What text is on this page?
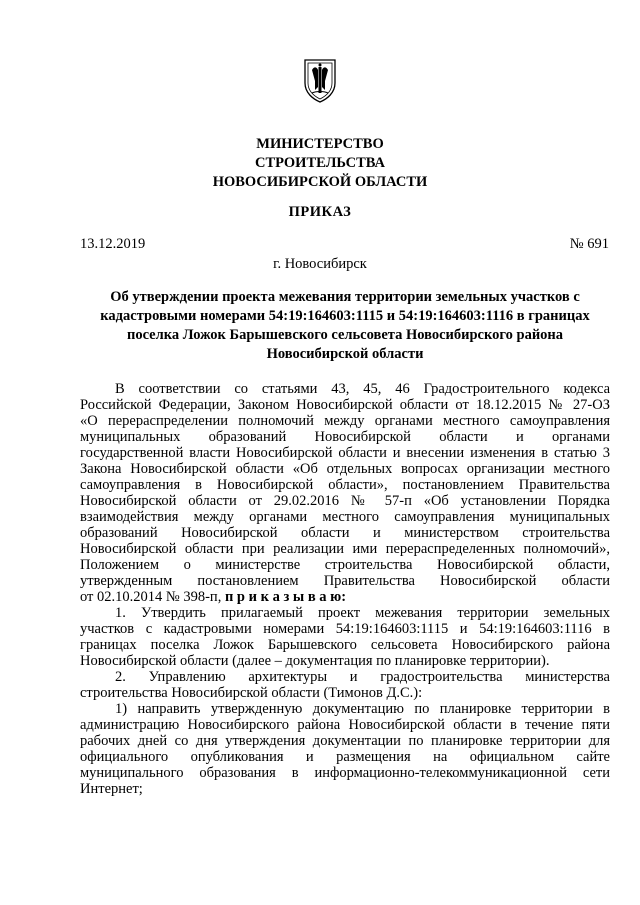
МИНИСТЕРСТВО
СТРОИТЕЛЬСТВА
НОВОСИБИРСКОЙ ОБЛАСТИ
ПРИКАЗ
13.12.2019	№ 691
г. Новосибирск
Об утверждении проекта межевания территории земельных участков с
кадастровыми номерами 54:19:164603:1115 и 54:19:164603:1116 в границах
поселка Ложок Барышевского сельсовета Новосибирского района
Новосибирской области
В соответствии со статьями 43, 45, 46 Градостроительного кодекса
Российской Федерации, Законом Новосибирской области от 18.12.2015 № 27-ОЗ
«О перераспределении полномочий между органами местного самоуправления
муниципальных образований Новосибирской области и органами
государственной власти Новосибирской области и внесении изменения в статью 3
Закона Новосибирской области «Об отдельных вопросах организации местного
самоуправления в Новосибирской области», постановлением Правительства
Новосибирской области от 29.02.2016 № 57-п «Об установлении Порядка
взаимодействия между органами местного самоуправления муниципальных
образований Новосибирской области и министерством строительства
Новосибирской области при реализации ими перераспределенных полномочий»,
Положением о министерстве строительства Новосибирской области,
утвержденным постановлением Правительства Новосибирской области
от 02.10.2014 № 398-п, п р и к а з ы в а ю:
1. Утвердить прилагаемый проект межевания территории земельных
участков с кадастровыми номерами 54:19:164603:1115 и 54:19:164603:1116 в
границах поселка Ложок Барышевского сельсовета Новосибирского района
Новосибирской области (далее – документация по планировке территории).
2. Управлению архитектуры и градостроительства министерства
строительства Новосибирской области (Тимонов Д.С.):
1) направить утвержденную документацию по планировке территории в
администрацию Новосибирского района Новосибирской области в течение пяти
рабочих дней со дня утверждения документации по планировке территории для
официального опубликования и размещения на официальном сайте
муниципального образования в информационно-телекоммуникационной сети
Интернет;
